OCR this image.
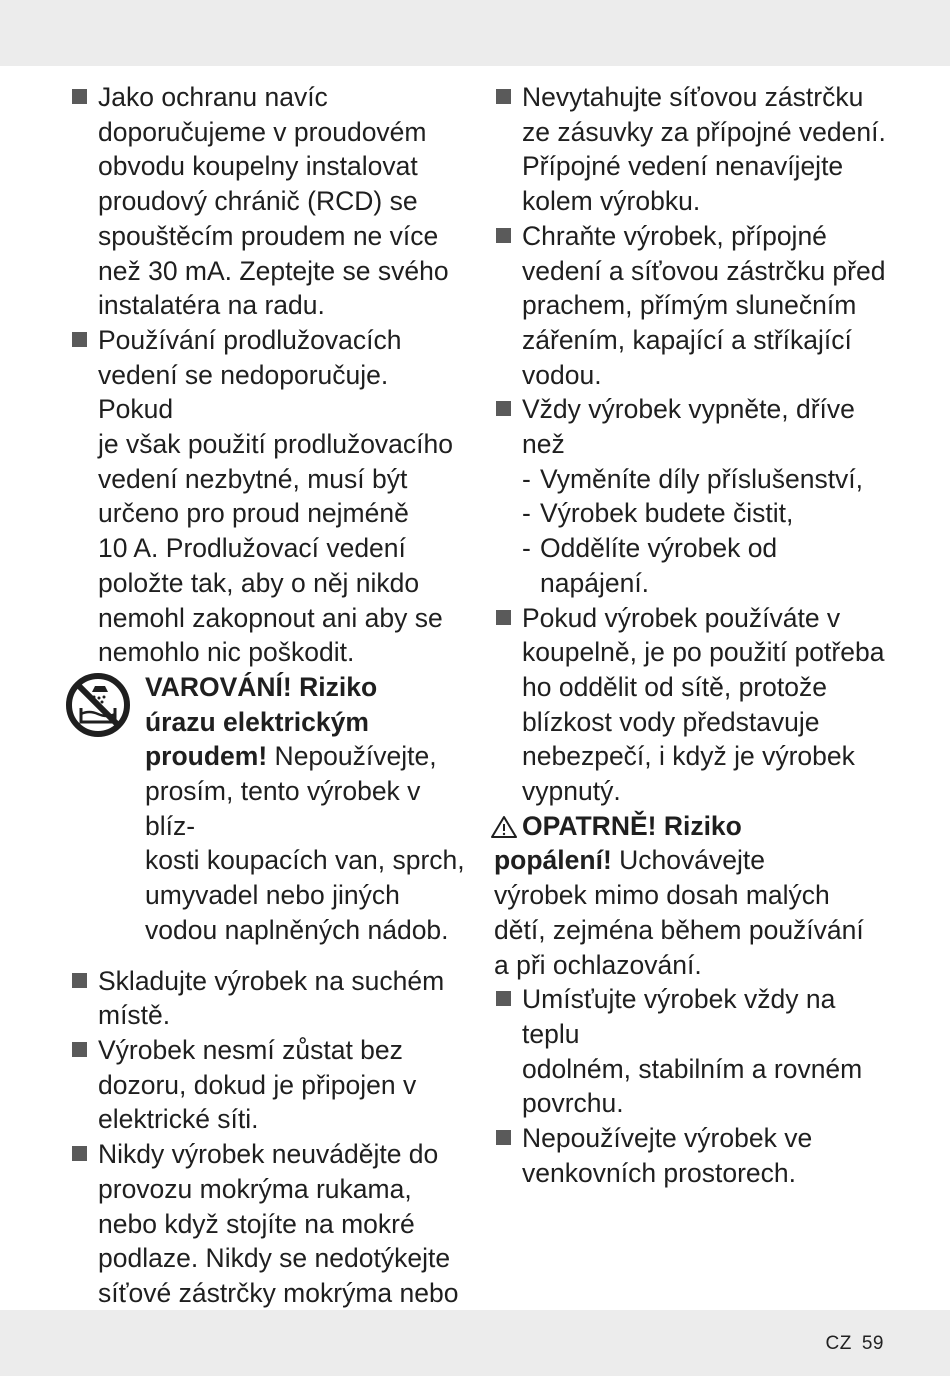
Jako ochranu navíc
doporučujeme v proudovém
obvodu koupelny instalovat
proudový chránič (RCD) se
spouštěcím proudem ne více
než 30 mA. Zeptejte se svého
instalatéra na radu.
Používání prodlužovacích
vedení se nedoporučuje. Pokud
je však použití prodlužovacího
vedení nezbytné, musí být
určeno pro proud nejméně
10 A. Prodlužovací vedení
položte tak, aby o něj nikdo
nemohl zakopnout ani aby se
nemohlo nic poškodit.
VAROVÁNÍ! Riziko
úrazu elektrickým
proudem! Nepoužívejte,
prosím, tento výrobek v blíz-
kosti koupacích van, sprch,
umyvadel nebo jiných
vodou naplněných nádob.
Skladujte výrobek na suchém
místě.
Výrobek nesmí zůstat bez
dozoru, dokud je připojen v
elektrické síti.
Nikdy výrobek neuvádějte do
provozu mokrýma rukama,
nebo když stojíte na mokré
podlaze. Nikdy se nedotýkejte
síťové zástrčky mokrýma nebo
Nevytahujte síťovou zástrčku
ze zásuvky za přípojné vedení.
Přípojné vedení nenavíjejte
kolem výrobku.
Chraňte výrobek, přípojné
vedení a síťovou zástrčku před
prachem, přímým slunečním
zářením, kapající a stříkající
vodou.
Vždy výrobek vypněte, dříve
než
- Vyměníte díly příslušenství,
- Výrobek budete čistit,
- Oddělíte výrobek od
napájení.
Pokud výrobek používáte v
koupelně, je po použití potřeba
ho oddělit od sítě, protože
blízkost vody představuje
nebezpečí, i když je výrobek
vypnutý.
OPATRNĚ! Riziko
popálení! Uchovávejte
výrobek mimo dosah malých
dětí, zejména během používání
a při ochlazování.
Umísťujte výrobek vždy na teplu
odolném, stabilním a rovném
povrchu.
Nepoužívejte výrobek ve
venkovních prostorech.
CZ 59
